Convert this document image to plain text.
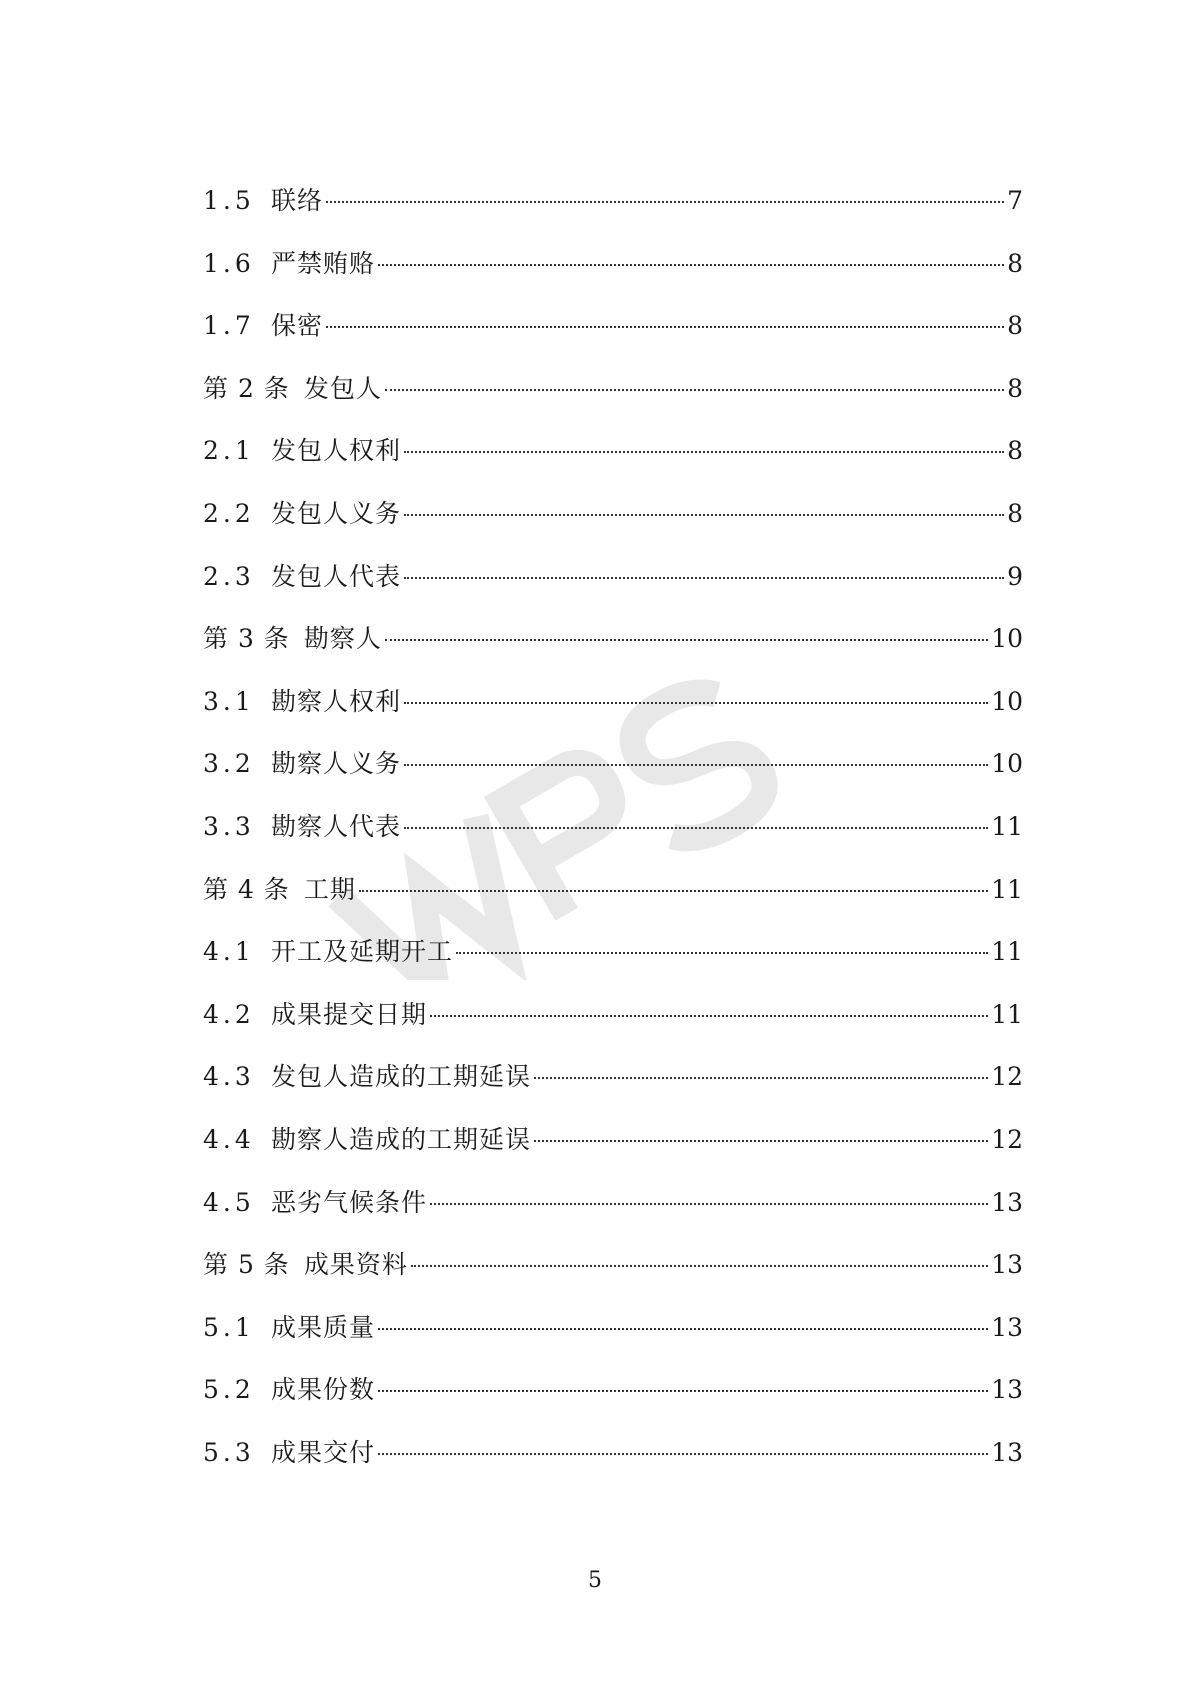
1.5 联络	7
1.6 严禁贿赂	8
1.7 保密	8
第 2 条 发包人	8
2.1 发包人权利	8
2.2 发包人义务	8
2.3 发包人代表	9
第 3 条 勘察人	10
3.1 勘察人权利	10
3.2 勘察人义务	10
3.3 勘察人代表	11
第 4 条 工期	11
4.1 开工及延期开工	11
4.2 成果提交日期	11
4.3 发包人造成的工期延误	12
4.4 勘察人造成的工期延误	12
4.5 恶劣气候条件	13
第 5 条 成果资料	13
5.1 成果质量	13
5.2 成果份数	13
5.3 成果交付	13
5
